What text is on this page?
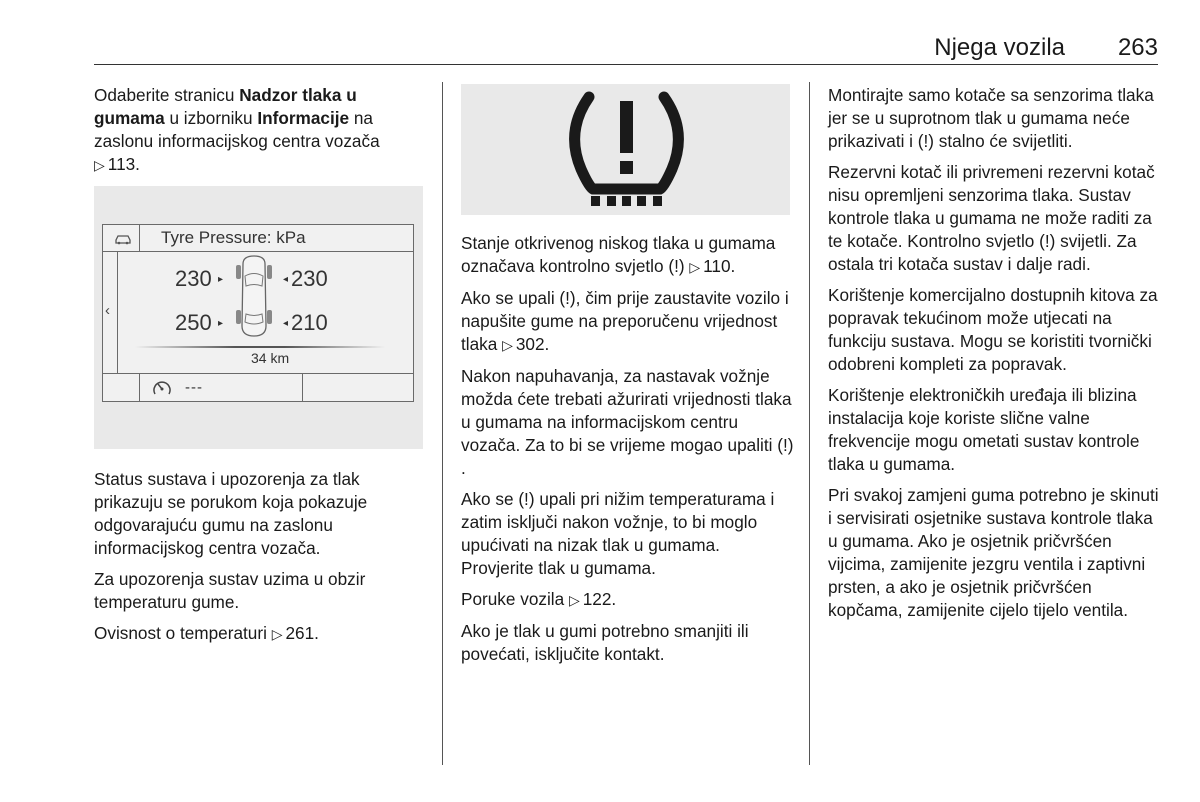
Njega vozila	263

Odaberite stranicu Nadzor tlaka u gumama u izborniku Informacije na zaslonu informacijskog centra vozača
▷ 113.

Tyre Pressure: kPa
‹
230 ▸	◂ 230
250 ▸	◂ 210
34 km
---

Status sustava i upozorenja za tlak prikazuju se porukom koja pokazuje odgovarajuću gumu na zaslonu informacijskog centra vozača.

Za upozorenja sustav uzima u obzir temperaturu gume.

Ovisnost o temperaturi ▷ 261.

Stanje otkrivenog niskog tlaka u gumama označava kontrolno svjetlo (!) ▷ 110.

Ako se upali (!), čim prije zaustavite vozilo i napušite gume na preporučenu vrijednost tlaka ▷ 302.

Nakon napuhavanja, za nastavak vožnje možda ćete trebati ažurirati vrijednosti tlaka u gumama na informacijskom centru vozača. Za to bi se vrijeme mogao upaliti (!).

Ako se (!) upali pri nižim temperaturama i zatim isključi nakon vožnje, to bi moglo upućivati na nizak tlak u gumama. Provjerite tlak u gumama.

Poruke vozila ▷ 122.

Ako je tlak u gumi potrebno smanjiti ili povećati, isključite kontakt.

Montirajte samo kotače sa senzorima tlaka jer se u suprotnom tlak u gumama neće prikazivati i (!) stalno će svijetliti.

Rezervni kotač ili privremeni rezervni kotač nisu opremljeni senzorima tlaka. Sustav kontrole tlaka u gumama ne može raditi za te kotače. Kontrolno svjetlo (!) svijetli. Za ostala tri kotača sustav i dalje radi.

Korištenje komercijalno dostupnih kitova za popravak tekućinom može utjecati na funkciju sustava. Mogu se koristiti tvornički odobreni kompleti za popravak.

Korištenje elektroničkih uređaja ili blizina instalacija koje koriste slične valne frekvencije mogu ometati sustav kontrole tlaka u gumama.

Pri svakoj zamjeni guma potrebno je skinuti i servisirati osjetnike sustava kontrole tlaka u gumama. Ako je osjetnik pričvršćen vijcima, zamijenite jezgru ventila i zaptivni prsten, a ako je osjetnik pričvršćen kopčama, zamijenite cijelo tijelo ventila.
